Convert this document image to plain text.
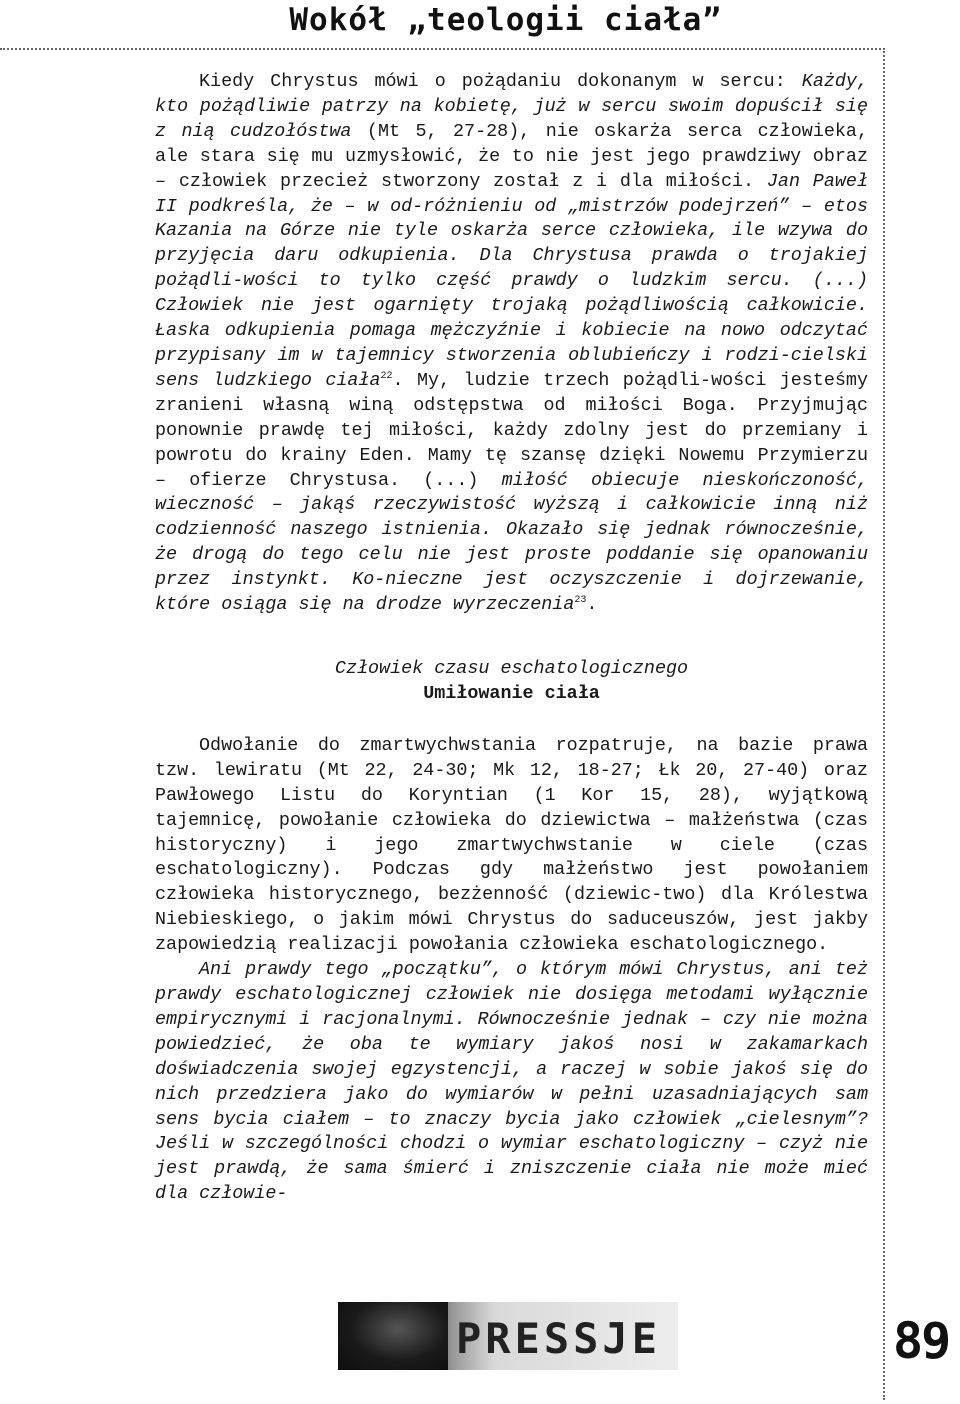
Wokół „teologii ciała”

Kiedy Chrystus mówi o pożądaniu dokonanym w sercu: Każdy, kto pożądliwie patrzy na kobietę, już w sercu swoim dopuścił się z nią cudzołóstwa (Mt 5, 27-28), nie oskarża serca człowieka, ale stara się mu uzmysłowić, że to nie jest jego prawdziwy obraz – człowiek przecież stworzony został z i dla miłości. Jan Paweł II podkreśla, że – w od-różnieniu od „mistrzów podejrzeń” – etos Kazania na Górze nie tyle oskarża serce człowieka, ile wzywa do przyjęcia daru odkupienia. Dla Chrystusa prawda o trojakiej pożądli-wości to tylko część prawdy o ludzkim sercu. (...) Człowiek nie jest ogarnięty trojaką pożądliwością całkowicie. Łaska odkupienia pomaga mężczyźnie i kobiecie na nowo odczytać przypisany im w tajemnicy stworzenia oblubieńczy i rodzi-cielski sens ludzkiego ciała$^{22}$. My, ludzie trzech pożądli-wości jesteśmy zranieni własną winą odstępstwa od miłości Boga. Przyjmując ponownie prawdę tej miłości, każdy zdolny jest do przemiany i powrotu do krainy Eden. Mamy tę szansę dzięki Nowemu Przymierzu – ofierze Chrystusa. (...) miłość obiecuje nieskończoność, wieczność – jakąś rzeczywistość wyższą i całkowicie inną niż codzienność naszego istnienia. Okazało się jednak równocześnie, że drogą do tego celu nie jest proste poddanie się opanowaniu przez instynkt. Ko-nieczne jest oczyszczenie i dojrzewanie, które osiąga się na drodze wyrzeczenia$^{23}$.

Człowiek czasu eschatologicznego
Umiłowanie ciała

Odwołanie do zmartwychwstania rozpatruje, na bazie prawa tzw. lewiratu (Mt 22, 24-30; Mk 12, 18-27; Łk 20, 27-40) oraz Pawłowego Listu do Koryntian (1 Kor 15, 28), wyjątkową tajemnicę, powołanie człowieka do dziewictwa – małżeństwa (czas historyczny) i jego zmartwychwstanie w ciele (czas eschatologiczny). Podczas gdy małżeństwo jest powołaniem człowieka historycznego, bezżenność (dziewic-two) dla Królestwa Niebieskiego, o jakim mówi Chrystus do saduceuszów, jest jakby zapowiedzią realizacji powołania człowieka eschatologicznego.

Ani prawdy tego „początku”, o którym mówi Chrystus, ani też prawdy eschatologicznej człowiek nie dosięga metodami wyłącznie empirycznymi i racjonalnymi. Równocześnie jednak – czy nie można powiedzieć, że oba te wymiary jakoś nosi w zakamarkach doświadczenia swojej egzystencji, a raczej w sobie jakoś się do nich przedziera jako do wymiarów w pełni uzasadniających sam sens bycia ciałem – to znaczy bycia jako człowiek „cielesnym”? Jeśli w szczególności chodzi o wymiar eschatologiczny – czyż nie jest prawdą, że sama śmierć i zniszczenie ciała nie może mieć dla człowie-

PRESSJE	89
